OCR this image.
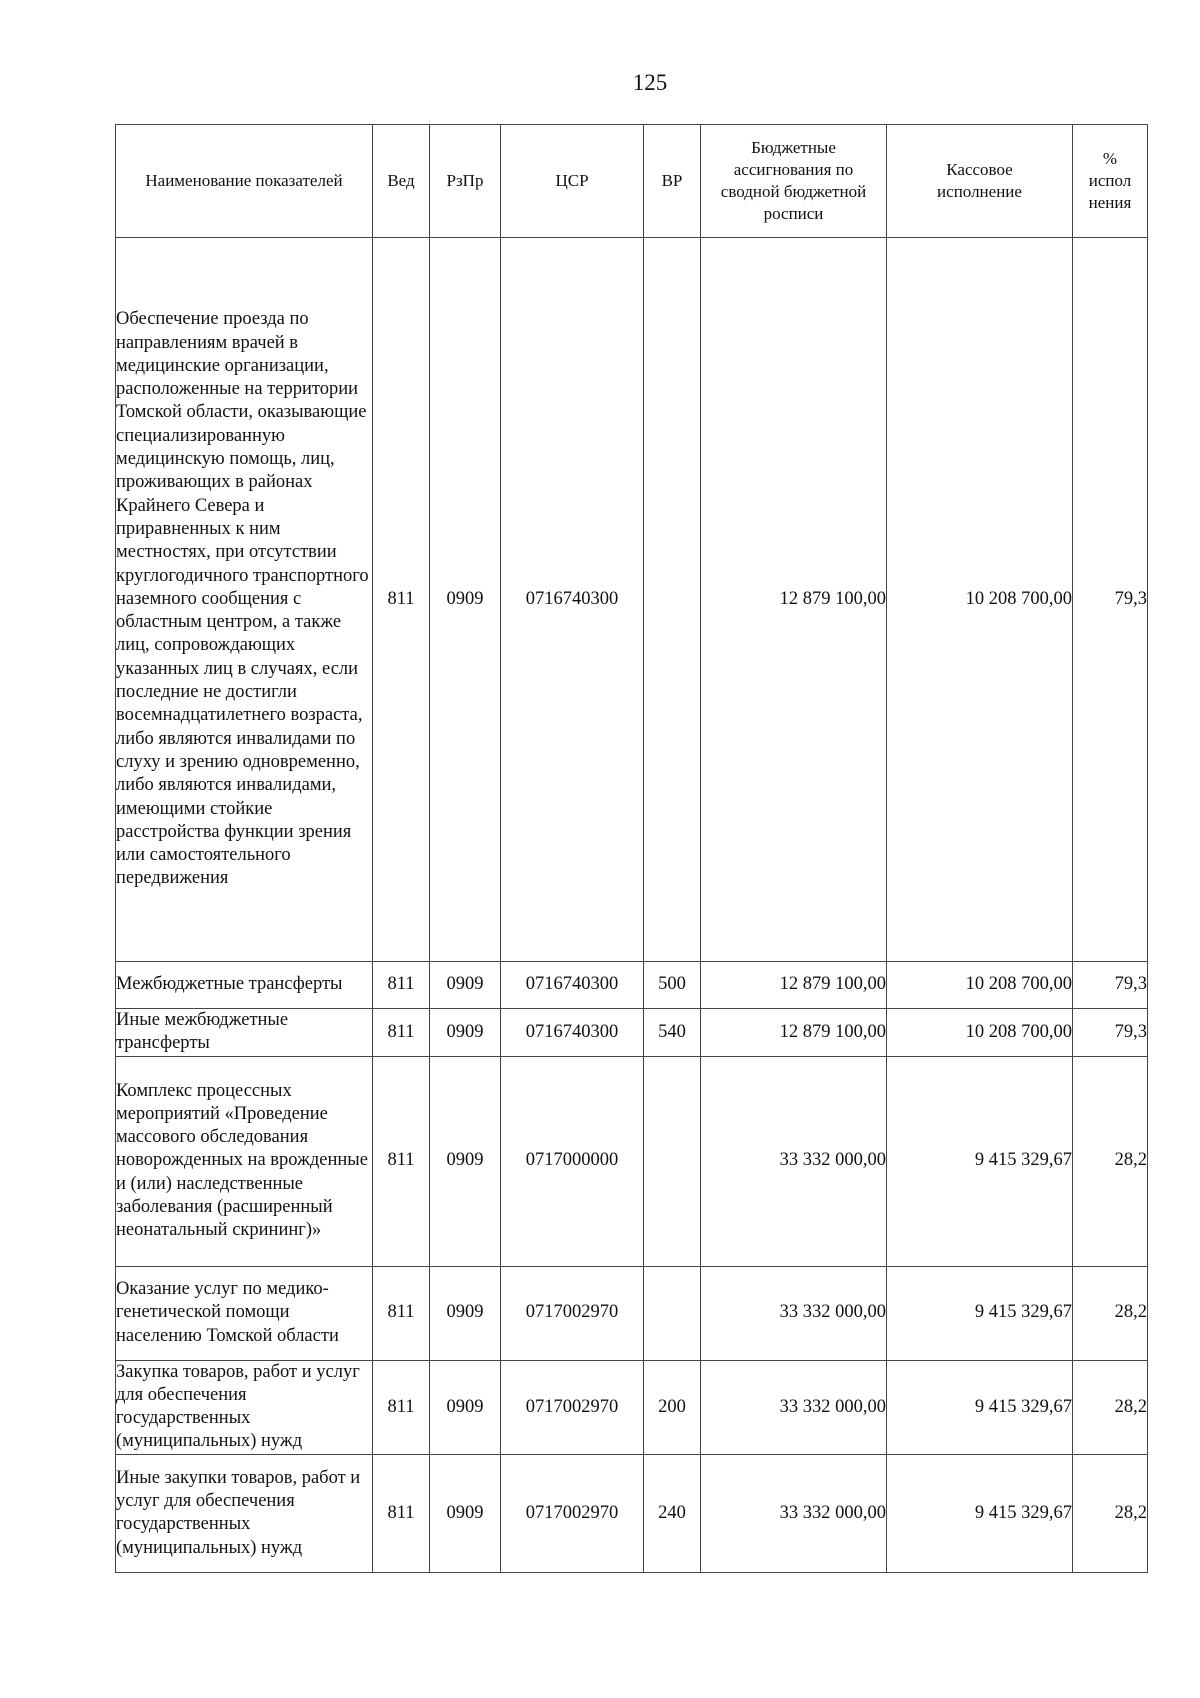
125
Наименование показателей	Вед	РзПр	ЦСР	ВР	Бюджетные ассигнования по сводной бюджетной росписи	Кассовое исполнение	% испол нения
Обеспечение проезда по направлениям врачей в медицинские организации, расположенные на территории Томской области, оказывающие специализированную медицинскую помощь, лиц, проживающих в районах Крайнего Севера и приравненных к ним местностях, при отсутствии круглогодичного транспортного наземного сообщения с областным центром, а также лиц, сопровождающих указанных лиц в случаях, если последние не достигли восемнадцатилетнего возраста, либо являются инвалидами по слуху и зрению одновременно, либо являются инвалидами, имеющими стойкие расстройства функции зрения или самостоятельного передвижения	811	0909	0716740300		12 879 100,00	10 208 700,00	79,3
Межбюджетные трансферты	811	0909	0716740300	500	12 879 100,00	10 208 700,00	79,3
Иные межбюджетные трансферты	811	0909	0716740300	540	12 879 100,00	10 208 700,00	79,3
Комплекс процессных мероприятий «Проведение массового обследования новорожденных на врожденные и (или) наследственные заболевания (расширенный неонатальный скрининг)»	811	0909	0717000000		33 332 000,00	9 415 329,67	28,2
Оказание услуг по медико-генетической помощи населению Томской области	811	0909	0717002970		33 332 000,00	9 415 329,67	28,2
Закупка товаров, работ и услуг для обеспечения государственных (муниципальных) нужд	811	0909	0717002970	200	33 332 000,00	9 415 329,67	28,2
Иные закупки товаров, работ и услуг для обеспечения государственных (муниципальных) нужд	811	0909	0717002970	240	33 332 000,00	9 415 329,67	28,2
